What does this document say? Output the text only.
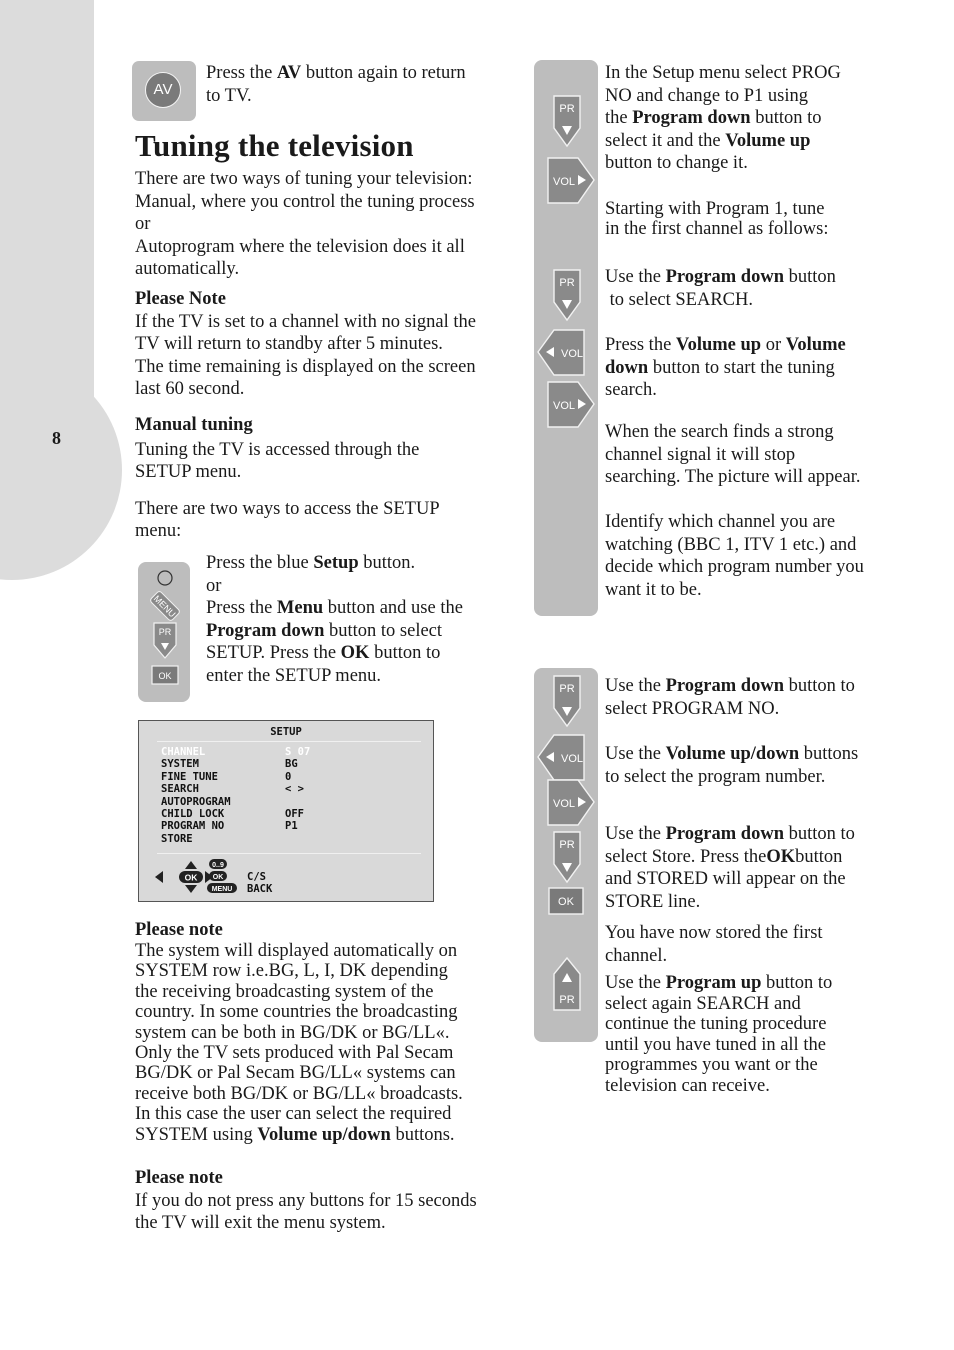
8
AV
Press the AV button again to return
to TV.
Tuning the television
There are two ways of tuning your television:
Manual, where you control the tuning process
or
Autoprogram where the television does it all
automatically.
Please Note
If the TV is set to a channel with no signal the
TV will return to standby after 5 minutes.
The time remaining is displayed on the screen
last 60 second.
Manual tuning
Tuning the TV is accessed through the
SETUP menu.
There are two ways to access the SETUP
menu:
MENU
PR
OK
Press the blue Setup button.
or
Press the Menu button and use the
Program down button to select
SETUP. Press the OK button to
enter the SETUP menu.
SETUP
CHANNEL	S 07
SYSTEM	BG
FINE TUNE	0
SEARCH	< >
AUTOPROGRAM
CHILD LOCK	OFF
PROGRAM NO	P1
STORE
OK
0..9
OK
MENU
C/S
BACK
Please note
The system will displayed automatically on
SYSTEM row i.e.BG, L, I, DK depending
the receiving broadcasting system of the
country. In some countries the broadcasting
system can be both in BG/DK or BG/LL«.
Only the TV sets produced with Pal Secam
BG/DK or Pal Secam BG/LL« systems can
receive both BG/DK or BG/LL« broadcasts.
In this case the user can select the required
SYSTEM using Volume up/down buttons.
Please note
If you do not press any buttons for 15 seconds
the TV will exit the menu system.
PR
VOL
PR
VOL
VOL
In the Setup menu select PROG
NO and change to P1 using
the Program down button to
select it and the Volume up
button to change it.
Starting with Program 1, tune
in the first channel as follows:
Use the Program down button
to select SEARCH.
Press the Volume up or Volume
down button to start the tuning
search.
When the search finds a strong
channel signal it will stop
searching. The picture will appear.
Identify which channel you are
watching (BBC 1, ITV 1 etc.) and
decide which program number you
want it to be.
PR
VOL
VOL
PR
OK
PR
Use the Program down button to
select PROGRAM NO.
Use the Volume up/down buttons
to select the program number.
Use the Program down button to
select Store. Press theOKbutton
and STORED will appear on the
STORE line.
You have now stored the first
channel.
Use the Program up button to
select again SEARCH and
continue the tuning procedure
until you have tuned in all the
programmes you want or the
television can receive.
